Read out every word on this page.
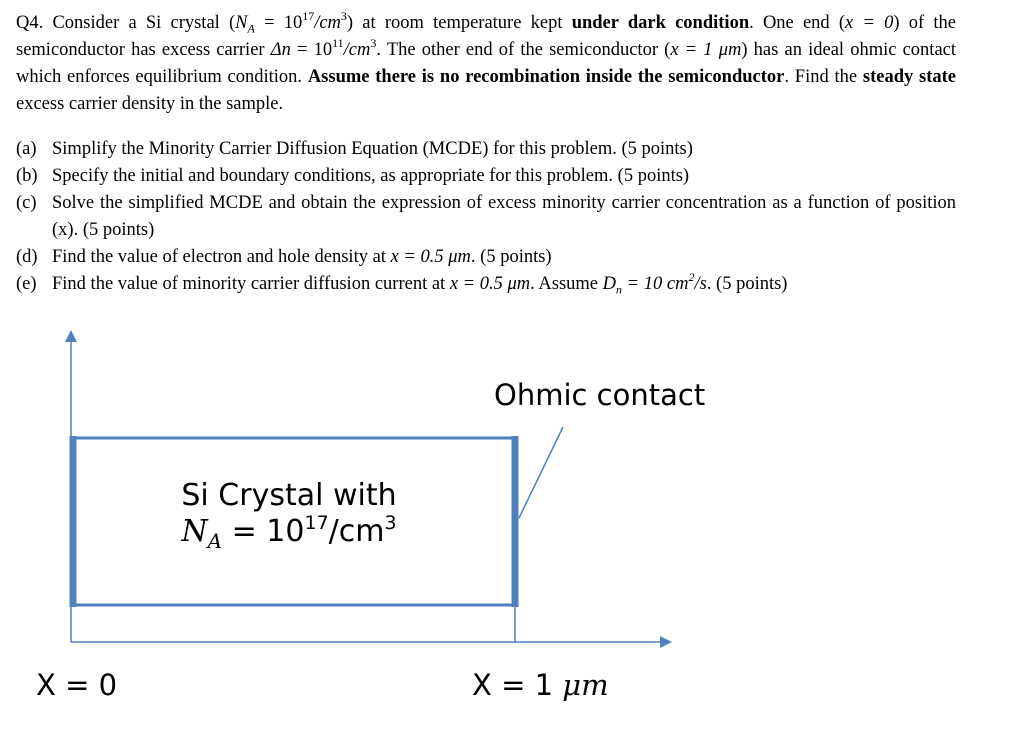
Q4. Consider a Si crystal $(N_A = 10^{17}/cm^3)$ at room temperature kept under dark condition. One end (x = 0) of the semiconductor has excess carrier $\Delta n = 10^{11}/cm^3$. The other end of the semiconductor (x = 1 μm) has an ideal ohmic contact which enforces equilibrium condition. Assume there is no recombination inside the semiconductor. Find the steady state excess carrier density in the sample.
(a) Simplify the Minority Carrier Diffusion Equation (MCDE) for this problem. (5 points)
(b) Specify the initial and boundary conditions, as appropriate for this problem. (5 points)
(c) Solve the simplified MCDE and obtain the expression of excess minority carrier concentration as a function of position (x). (5 points)
(d) Find the value of electron and hole density at x = 0.5 μm. (5 points)
(e) Find the value of minority carrier diffusion current at x = 0.5 μm. Assume $D_n = 10$ $cm^2/s$. (5 points)
Ohmic contact
Si Crystal with
$N_A = 10^{17}/cm^3$
X = 0	X = 1 μm
